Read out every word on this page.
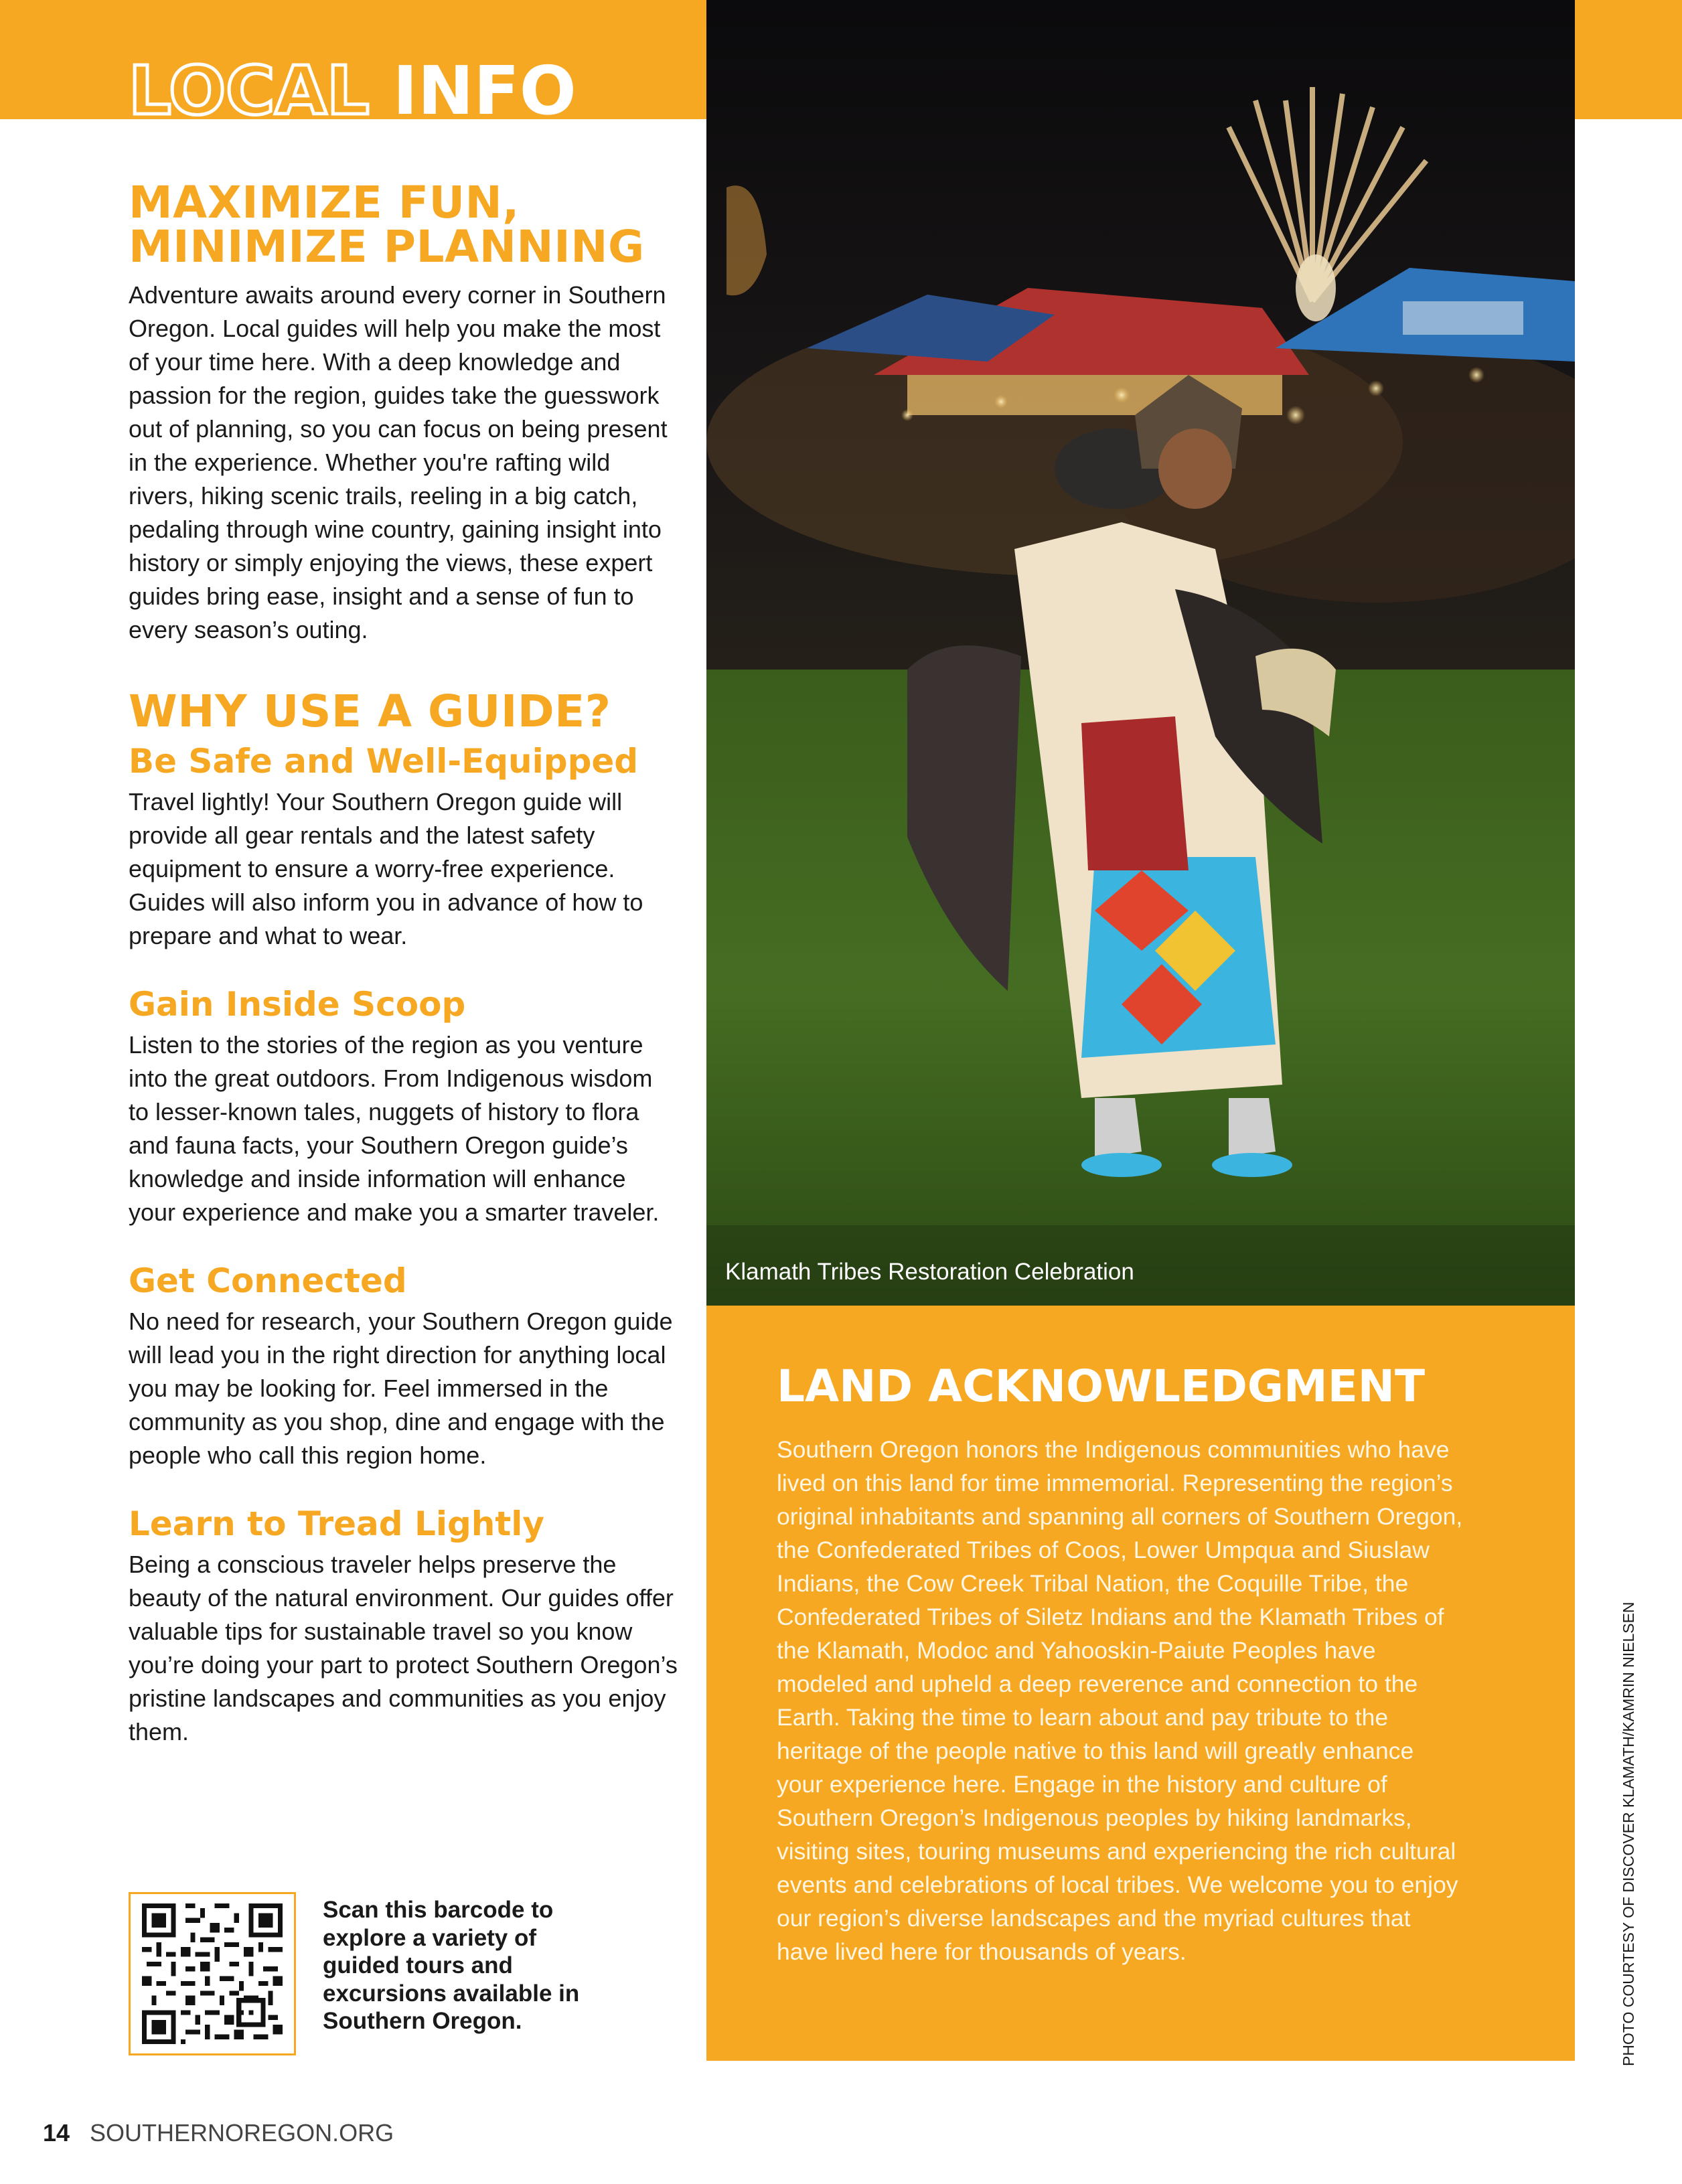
LOCAL INFO
MAXIMIZE FUN,
MINIMIZE PLANNING

Adventure awaits around every corner in Southern Oregon. Local guides will help you make the most of your time here. With a deep knowledge and passion for the region, guides take the guesswork out of planning, so you can focus on being present in the experience. Whether you're rafting wild rivers, hiking scenic trails, reeling in a big catch, pedaling through wine country, gaining insight into history or simply enjoying the views, these expert guides bring ease, insight and a sense of fun to every season’s outing.

WHY USE A GUIDE?
Be Safe and Well-Equipped

Travel lightly! Your Southern Oregon guide will provide all gear rentals and the latest safety equipment to ensure a worry-free experience. Guides will also inform you in advance of how to prepare and what to wear.

Gain Inside Scoop

Listen to the stories of the region as you venture into the great outdoors. From Indigenous wisdom to lesser-known tales, nuggets of history to flora and fauna facts, your Southern Oregon guide’s knowledge and inside information will enhance your experience and make you a smarter traveler.

Get Connected

No need for research, your Southern Oregon guide will lead you in the right direction for anything local you may be looking for. Feel immersed in the community as you shop, dine and engage with the people who call this region home.

Learn to Tread Lightly

Being a conscious traveler helps preserve the beauty of the natural environment. Our guides offer valuable tips for sustainable travel so you know you’re doing your part to protect Southern Oregon’s pristine landscapes and communities as you enjoy them.

Scan this barcode to explore a variety of guided tours and excursions available in Southern Oregon.

14 SOUTHERNOREGON.ORG

Klamath Tribes Restoration Celebration

LAND ACKNOWLEDGMENT

Southern Oregon honors the Indigenous communities who have lived on this land for time immemorial. Representing the region’s original inhabitants and spanning all corners of Southern Oregon, the Confederated Tribes of Coos, Lower Umpqua and Siuslaw Indians, the Cow Creek Tribal Nation, the Coquille Tribe, the Confederated Tribes of Siletz Indians and the Klamath Tribes of the Klamath, Modoc and Yahooskin-Paiute Peoples have modeled and upheld a deep reverence and connection to the Earth. Taking the time to learn about and pay tribute to the heritage of the people native to this land will greatly enhance your experience here. Engage in the history and culture of Southern Oregon’s Indigenous peoples by hiking landmarks, visiting sites, touring museums and experiencing the rich cultural events and celebrations of local tribes. We welcome you to enjoy our region’s diverse landscapes and the myriad cultures that have lived here for thousands of years.	PHOTO COURTESY OF DISCOVER KLAMATH/KAMRIN NIELSEN
